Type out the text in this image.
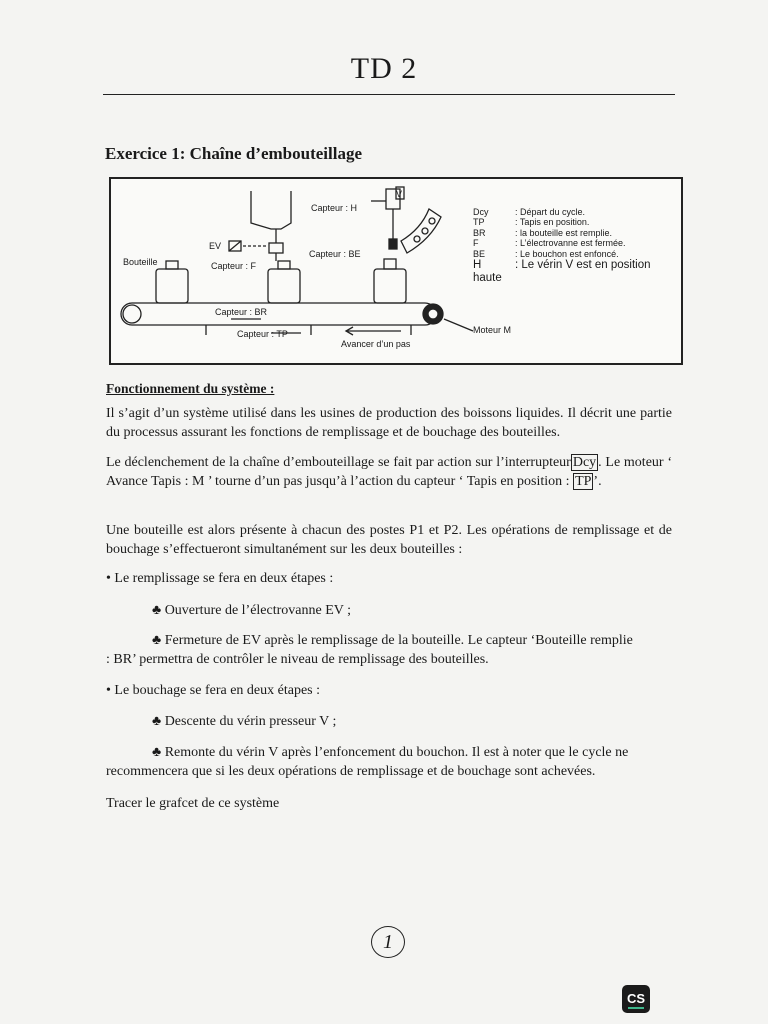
TD 2
Exercice 1: Chaîne d’embouteillage
V
Capteur : H
EV
Bouteille	Capteur : F
Capteur : BE
Capteur : BR
Capteur : TP
Avancer d’un pas
Moteur M
Dcy	: Départ du cycle.
TP	: Tapis en position.
BR	: la bouteille est remplie.
F	: L’électrovanne est fermée.
BE	: Le bouchon est enfoncé.
H	: Le vérin V est en position
haute
Fonctionnement du système :
Il s’agit d’un système utilisé dans les usines de production des boissons liquides. Il décrit une partie du processus assurant les fonctions de remplissage et de bouchage des bouteilles.
Le déclenchement de la chaîne d’embouteillage se fait par action sur l’interrupteur Dcy . Le moteur ‘ Avance Tapis : M ’ tourne d’un pas jusqu’à l’action du capteur ‘ Tapis en position : TP ’.
Une bouteille est alors présente à chacun des postes P1 et P2. Les opérations de remplissage et de bouchage s’effectueront simultanément sur les deux bouteilles :
• Le remplissage se fera en deux étapes :
♣ Ouverture de l’électrovanne EV ;
♣ Fermeture de EV après le remplissage de la bouteille. Le capteur ‘Bouteille remplie
: BR’ permettra de contrôler le niveau de remplissage des bouteilles.
• Le bouchage se fera en deux étapes :
♣ Descente du vérin presseur V ;
♣ Remonte du vérin V après l’enfoncement du bouchon. Il est à noter que le cycle ne
recommencera que si les deux opérations de remplissage et de bouchage sont achevées.
Tracer le grafcet de ce système
1
CS
